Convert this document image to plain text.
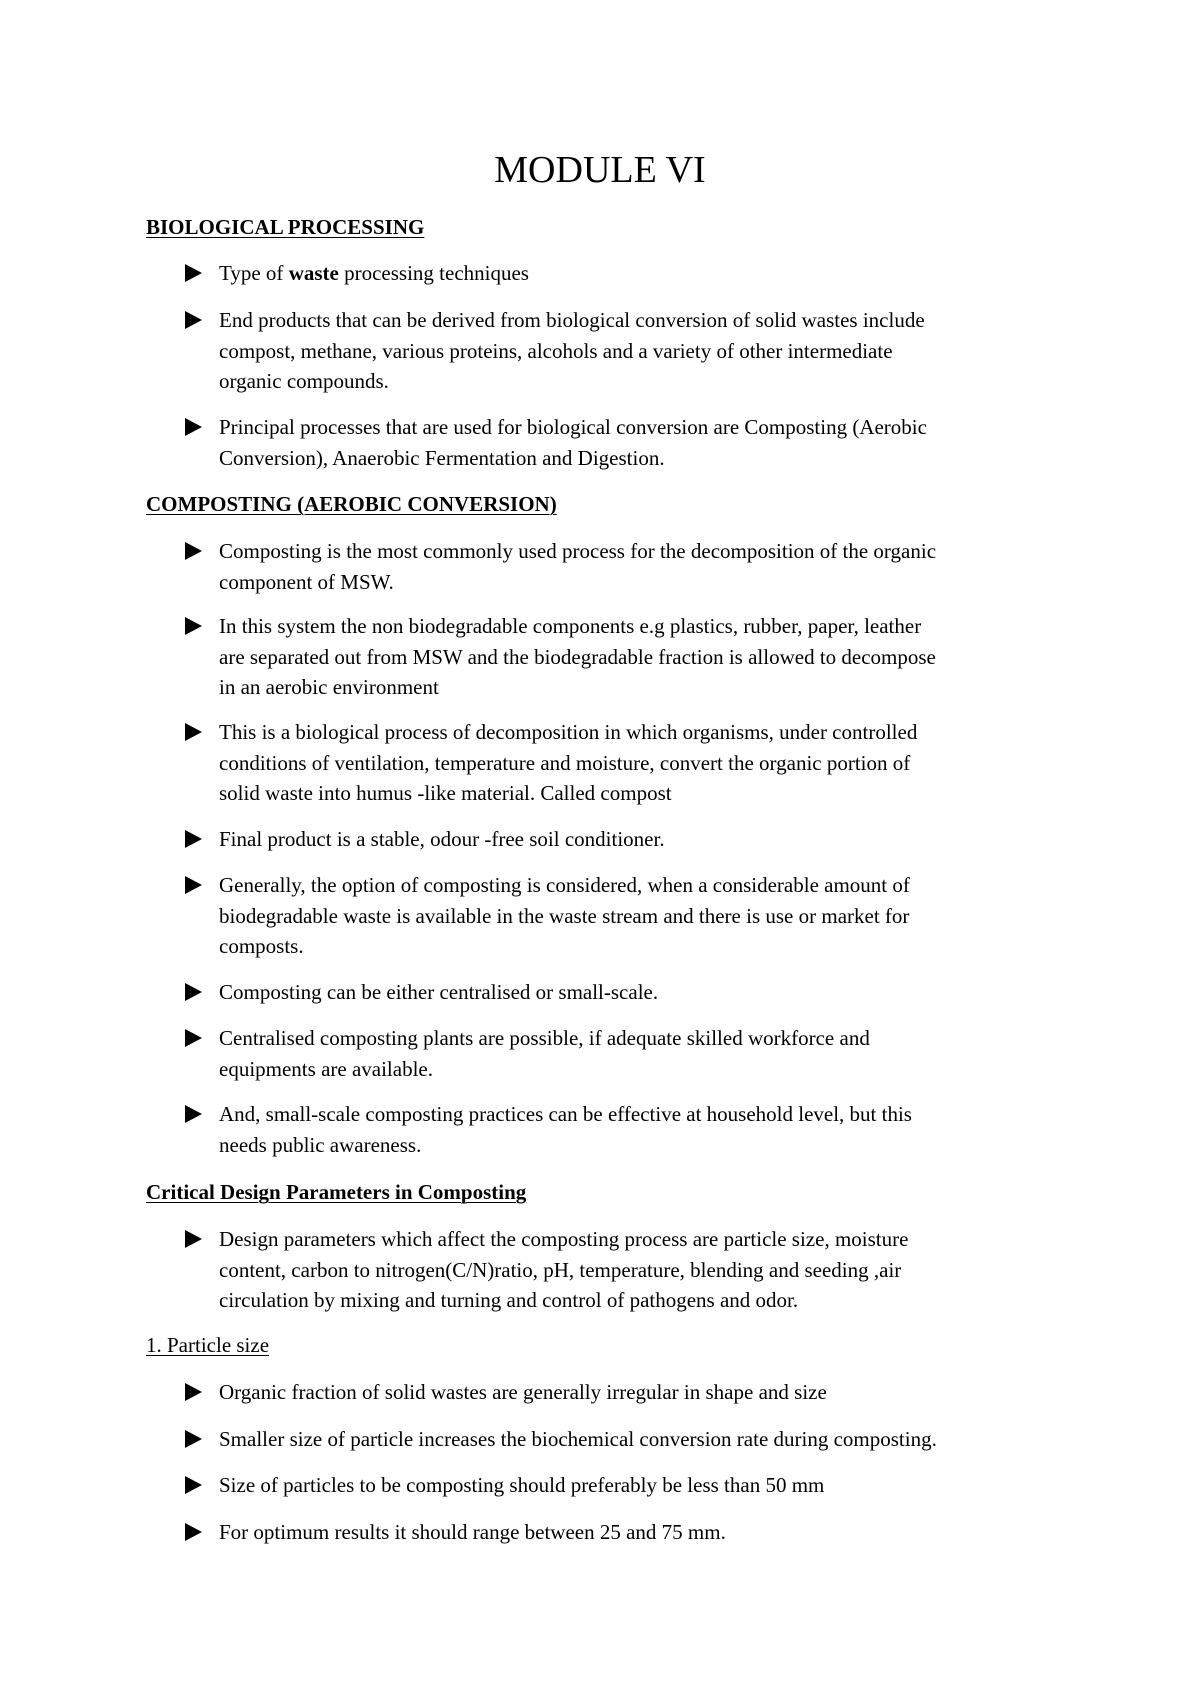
MODULE VI
BIOLOGICAL PROCESSING
Type of waste processing techniques
End products that can be derived from biological conversion of solid wastes include
compost, methane, various proteins, alcohols and a variety of other intermediate
organic compounds.
Principal processes that are used for biological conversion are Composting (Aerobic
Conversion), Anaerobic Fermentation and Digestion.
COMPOSTING (AEROBIC CONVERSION)
Composting is the most commonly used process for the decomposition of the organic
component of MSW.
In this system the non biodegradable components e.g plastics, rubber, paper, leather
are separated out from MSW and the biodegradable fraction is allowed to decompose
in an aerobic environment
This is a biological process of decomposition in which organisms, under controlled
conditions of ventilation, temperature and moisture, convert the organic portion of
solid waste into humus -like material. Called compost
Final product is a stable, odour -free soil conditioner.
Generally, the option of composting is considered, when a considerable amount of
biodegradable waste is available in the waste stream and there is use or market for
composts.
Composting can be either centralised or small-scale.
Centralised composting plants are possible, if adequate skilled workforce and
equipments are available.
And, small-scale composting practices can be effective at household level, but this
needs public awareness.
Critical Design Parameters in Composting
Design parameters which affect the composting process are particle size, moisture
content, carbon to nitrogen(C/N)ratio, pH, temperature, blending and seeding ,air
circulation by mixing and turning and control of pathogens and odor.
1. Particle size
Organic fraction of solid wastes are generally irregular in shape and size
Smaller size of particle increases the biochemical conversion rate during composting.
Size of particles to be composting should preferably be less than 50 mm
For optimum results it should range between 25 and 75 mm.
